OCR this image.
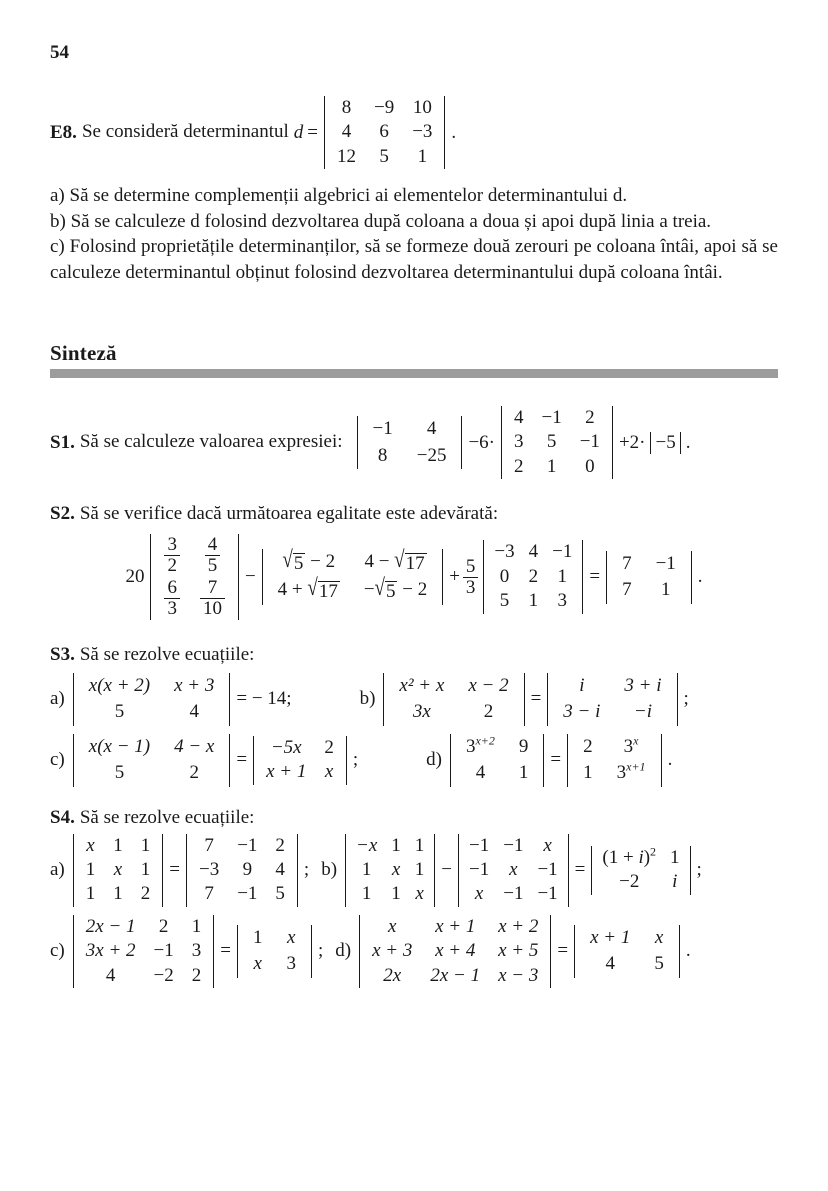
54
E8. Se consideră determinantul d =
8	−9	10
4	6	−3
12	5	1
.

a) Să se determine complemenții algebrici ai elementelor determinantului d.

b) Să se calculeze d folosind dezvoltarea după coloana a doua și apoi după linia a treia.

c) Folosind proprietățile determinanților, să se formeze două zerouri pe coloana întâi, apoi să se calculeze determinantul obținut folosind dezvoltarea determinantului după coloana întâi.

Sinteză
S1. Să se calculeze valoarea expresiei:
−1	4
8	−25
−6·
4	−1	2
3	5	−1
2	1	0
+2· −5 .
S2. Să se verifice dacă următoarea egalitate este adevărată:
20
$\frac{3}{2}$	$\frac{4}{5}$

$\frac{6}{3}$	$\frac{7}{10}$
−
√ 5 − 2	4 − √ 17

4 + √ 17	− √ 5 − 2
+ $\frac{5}{3}$
−3	4	−1
0	2	1
5	1	3
=
7	−1
7	1
.
S3. Să se rezolve ecuațiile:
a)
x(x + 2)	x + 3
5	4
= − 14;	b)
x² + x	x − 2
3x	2
=
i	3 + i
3 − i	−i
;
c)
x(x − 1)	4 − x
5	2
=
−5x	2
x + 1	x
;	d)
$3^{x+2}$	9
4	1
=
2	3$^x$
1	$3^{x+1}$ .
S4. Să se rezolve ecuațiile:
a)
x	1	1
1	x	1
1	1	2
=
7	−1	2
−3	9	4
7	−1	5
; b)
−x	1	1
1	x	1
1	1	x
−
−1	−1	x
−1	x	−1
x	−1	−1
=
$(1 + i)^2$	1
−2	i
;
c)
2x − 1	2	1
3x + 2	−1	3
4	−2	2
=
1	x
x	3
; d)
x	x + 1	x + 2
x + 3	x + 4	x + 5
2x	2x − 1	x − 3
=
x + 1	x
4	5
.
